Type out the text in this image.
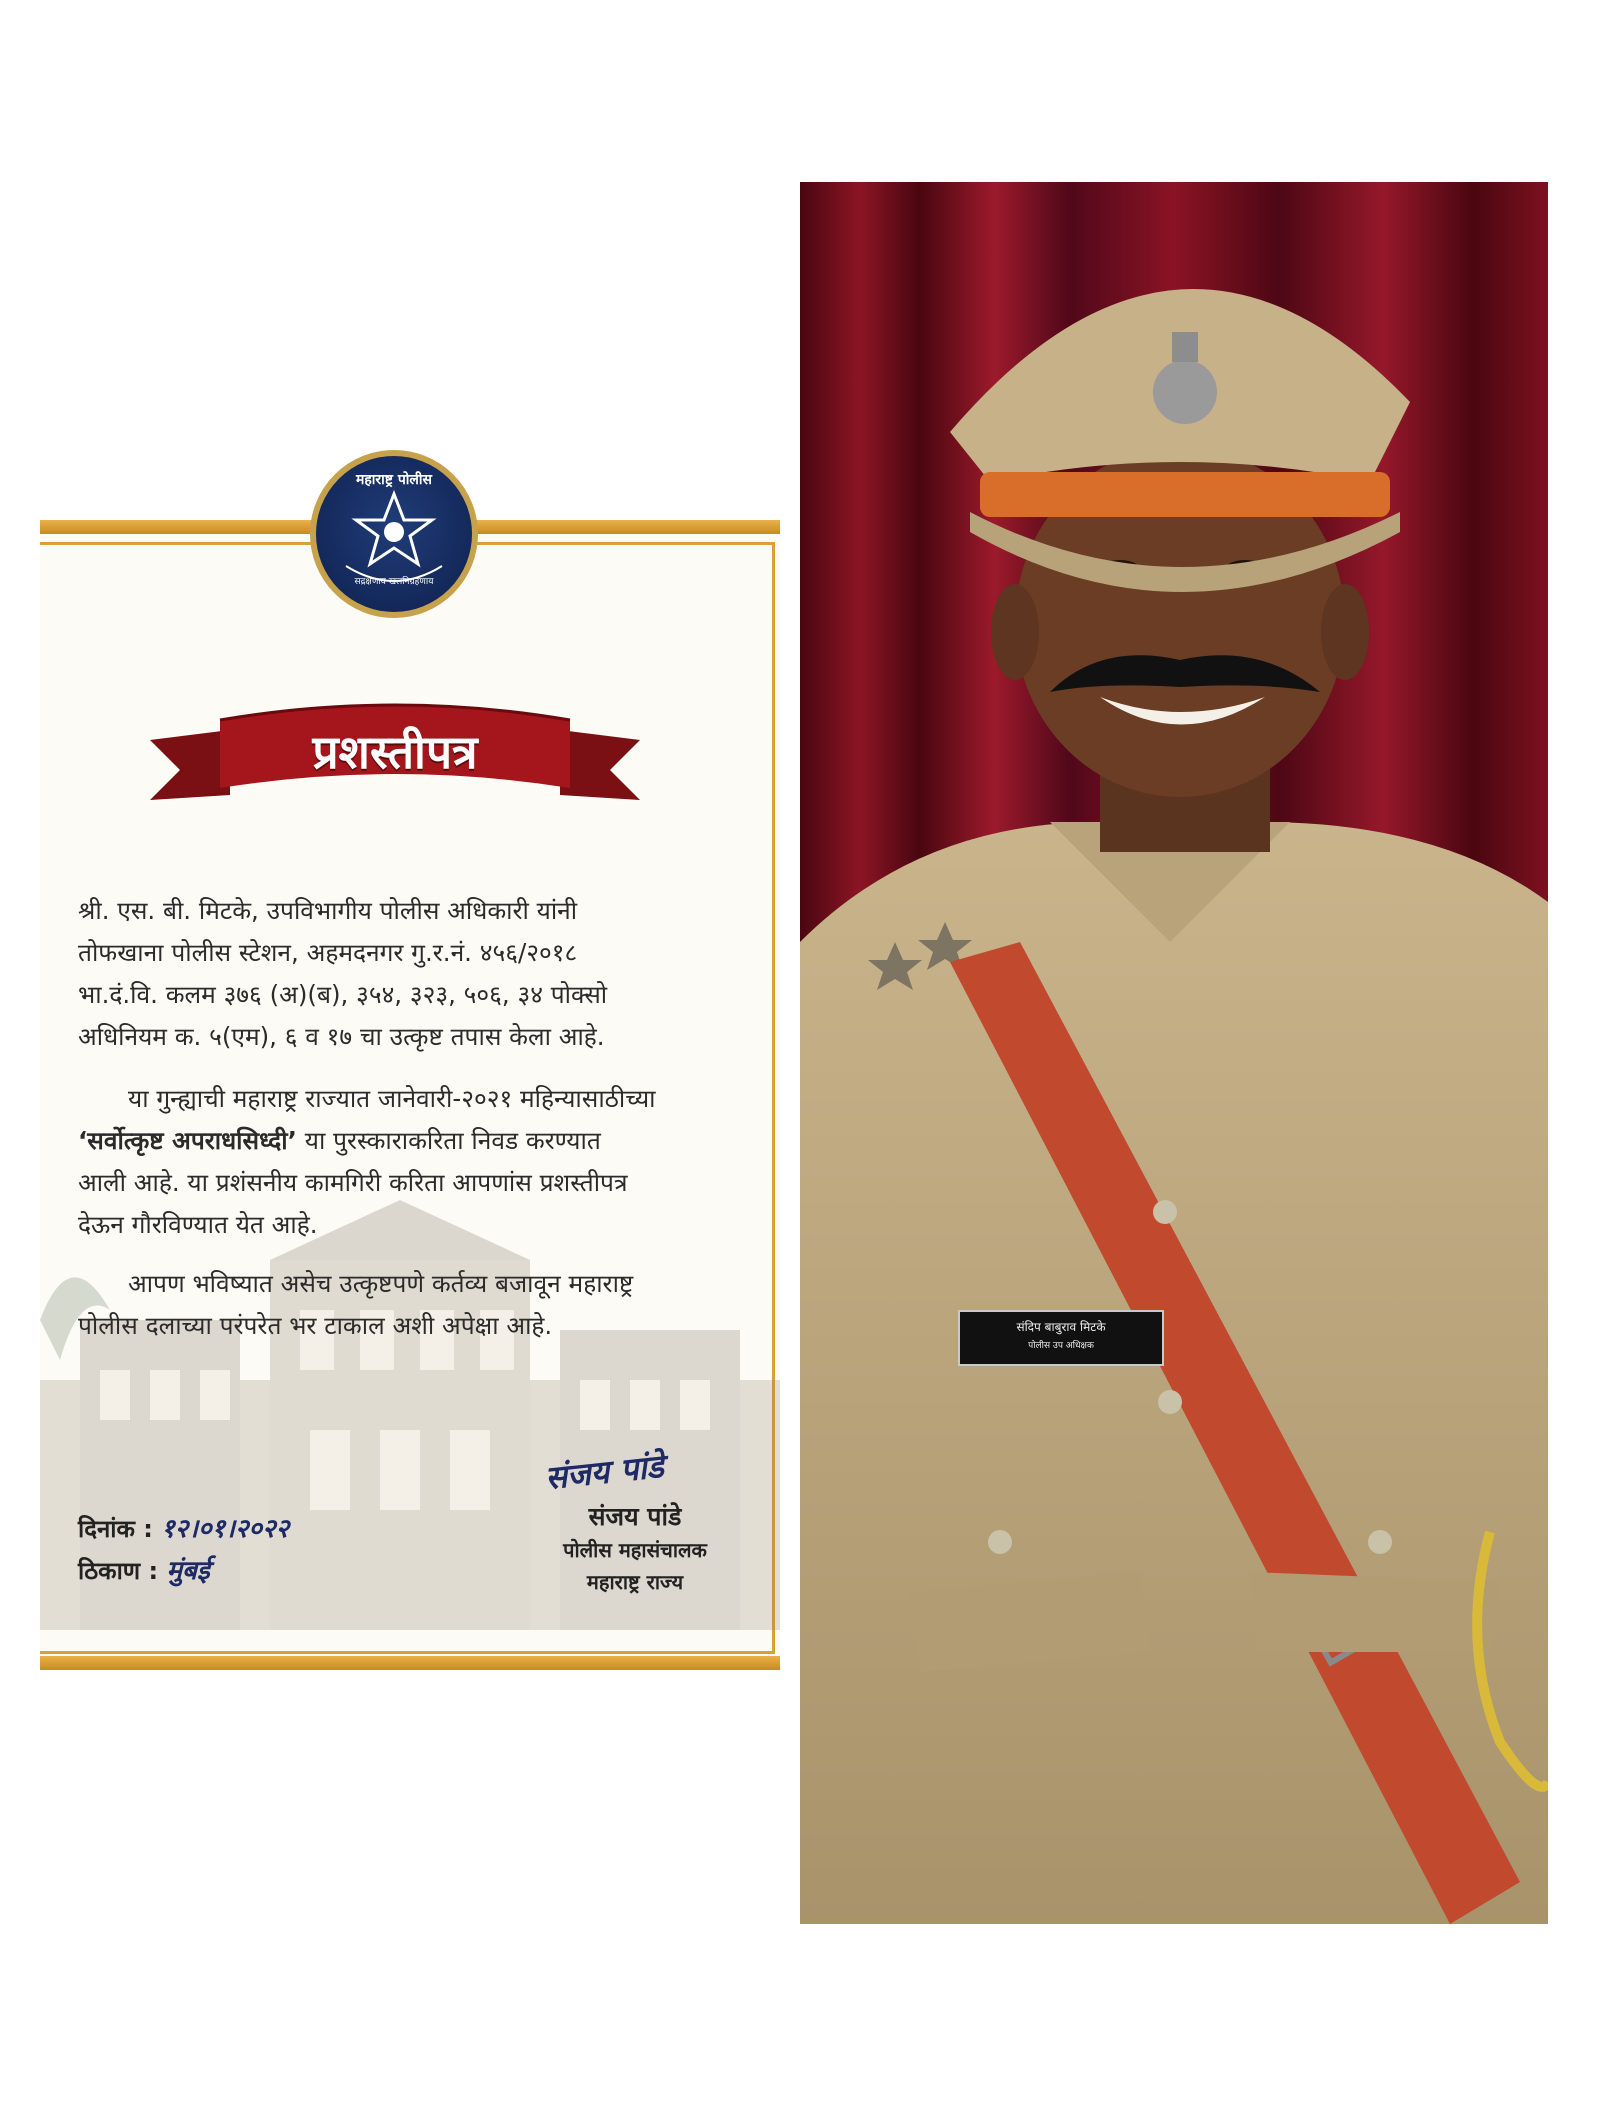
महाराष्ट्र पोलीस
सद्रक्षणाय खलनिग्रहणाय
प्रशस्तीपत्र
श्री. एस. बी. मिटके, उपविभागीय पोलीस अधिकारी यांनी
तोफखाना पोलीस स्टेशन, अहमदनगर गु.र.नं. ४५६/२०१८
भा.दं.वि. कलम ३७६ (अ)(ब), ३५४, ३२३, ५०६, ३४ पोक्सो
अधिनियम क. ५(एम), ६ व १७ चा उत्कृष्ट तपास केला आहे.
या गुन्ह्याची महाराष्ट्र राज्यात जानेवारी-२०२१ महिन्यासाठीच्या
‘सर्वोत्कृष्ट अपराधसिध्दी’ या पुरस्काराकरिता निवड करण्यात
आली आहे. या प्रशंसनीय कामगिरी करिता आपणांस प्रशस्तीपत्र
देऊन गौरविण्यात येत आहे.
आपण भविष्यात असेच उत्कृष्टपणे कर्तव्य बजावून महाराष्ट्र
पोलीस दलाच्या परंपरेत भर टाकाल अशी अपेक्षा आहे.
दिनांक : १२।०१।२०२२
ठिकाण : मुंबई
संजय पांडे
संजय पांडे
पोलीस महासंचालक
महाराष्ट्र राज्य
संदिप बाबुराव मिटके
पोलीस उप अधिक्षक
